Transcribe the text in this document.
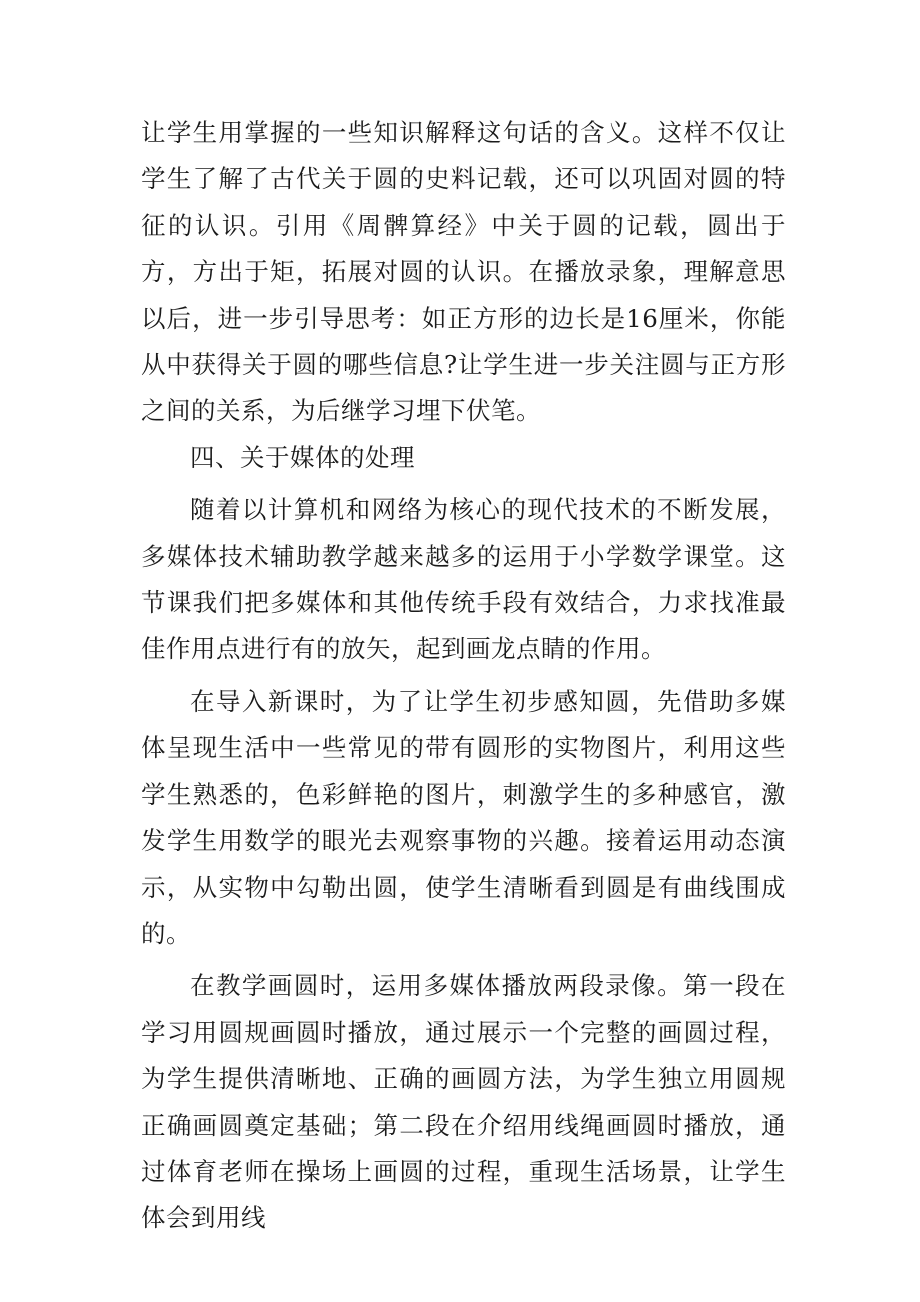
让学生用掌握的一些知识解释这句话的含义。这样不仅让学生了解了古代关于圆的史料记载，还可以巩固对圆的特征的认识。引用《周髀算经》中关于圆的记载，圆出于方，方出于矩，拓展对圆的认识。在播放录象，理解意思以后，进一步引导思考：如正方形的边长是16厘米，你能从中获得关于圆的哪些信息?让学生进一步关注圆与正方形之间的关系，为后继学习埋下伏笔。

四、关于媒体的处理

随着以计算机和网络为核心的现代技术的不断发展，多媒体技术辅助教学越来越多的运用于小学数学课堂。这节课我们把多媒体和其他传统手段有效结合，力求找准最佳作用点进行有的放矢，起到画龙点睛的作用。

在导入新课时，为了让学生初步感知圆，先借助多媒体呈现生活中一些常见的带有圆形的实物图片，利用这些学生熟悉的，色彩鲜艳的图片，刺激学生的多种感官，激发学生用数学的眼光去观察事物的兴趣。接着运用动态演示，从实物中勾勒出圆，使学生清晰看到圆是有曲线围成的。

在教学画圆时，运用多媒体播放两段录像。第一段在学习用圆规画圆时播放，通过展示一个完整的画圆过程，为学生提供清晰地、正确的画圆方法，为学生独立用圆规正确画圆奠定基础；第二段在介绍用线绳画圆时播放，通过体育老师在操场上画圆的过程，重现生活场景，让学生体会到用线
